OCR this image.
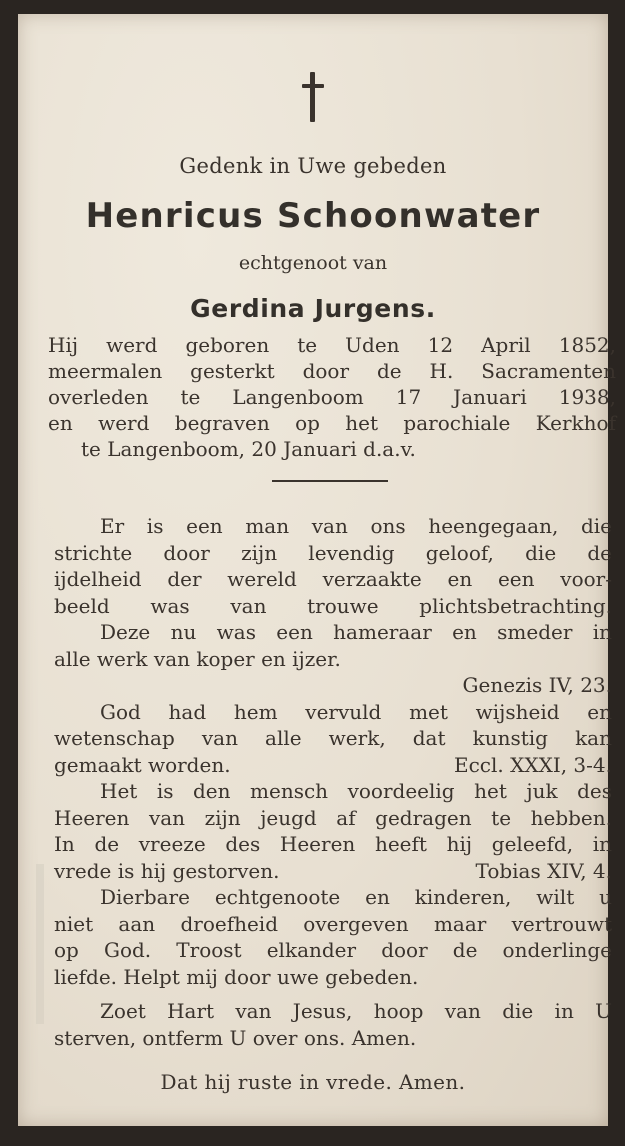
Gedenk in Uwe gebeden
Henricus Schoonwater
echtgenoot van
Gerdina Jurgens.
Hij werd geboren te Uden 12 April 1852,
meermalen gesterkt door de H. Sacramenten
overleden te Langenboom 17 Januari 1938,
en werd begraven op het parochiale Kerkhof
te Langenboom, 20 Januari d.a.v.
Er is een man van ons heengegaan, die
strichte door zijn levendig geloof, die de
ijdelheid der wereld verzaakte en een voor-
beeld was van trouwe plichtsbetrachting.
Deze nu was een hameraar en smeder in
alle werk van koper en ijzer.
Genezis IV, 23.
God had hem vervuld met wijsheid en
wetenschap van alle werk, dat kunstig kan
gemaakt worden.	Eccl. XXXI, 3-4.
Het is den mensch voordeelig het juk des
Heeren van zijn jeugd af gedragen te hebben.
In de vreeze des Heeren heeft hij geleefd, in
vrede is hij gestorven.	Tobias XIV, 4.
Dierbare echtgenoote en kinderen, wilt u
niet aan droefheid overgeven maar vertrouwt
op God. Troost elkander door de onderlinge
liefde. Helpt mij door uwe gebeden.
Zoet Hart van Jesus, hoop van die in U
sterven, ontferm U over ons. Amen.
Dat hij ruste in vrede. Amen.
